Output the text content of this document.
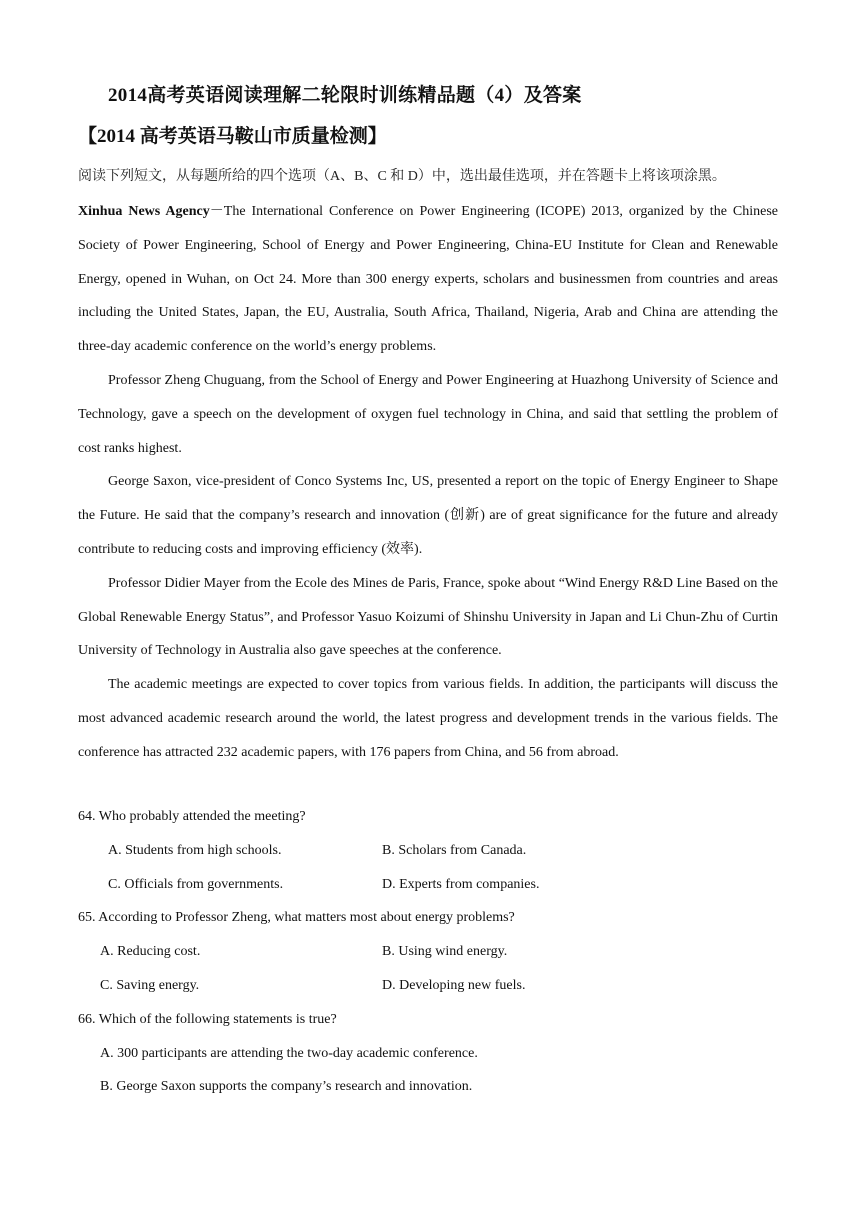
2014高考英语阅读理解二轮限时训练精品题（4）及答案
【2014 高考英语马鞍山市质量检测】
阅读下列短文，从每题所给的四个选项（A、B、C 和 D）中，选出最佳选项，并在答题卡上将该项涂黑。

Xinhua News Agency－The International Conference on Power Engineering (ICOPE) 2013, organized by the Chinese Society of Power Engineering, School of Energy and Power Engineering, China-EU Institute for Clean and Renewable Energy, opened in Wuhan, on Oct 24. More than 300 energy experts, scholars and businessmen from countries and areas including the United States, Japan, the EU, Australia, South Africa, Thailand, Nigeria, Arab and China are attending the three-day academic conference on the world’s energy problems.

Professor Zheng Chuguang, from the School of Energy and Power Engineering at Huazhong University of Science and Technology, gave a speech on the development of oxygen fuel technology in China, and said that settling the problem of cost ranks highest.

George Saxon, vice-president of Conco Systems Inc, US, presented a report on the topic of Energy Engineer to Shape the Future. He said that the company’s research and innovation (创新) are of great significance for the future and already contribute to reducing costs and improving efficiency (效率).

Professor Didier Mayer from the Ecole des Mines de Paris, France, spoke about “Wind Energy R&D Line Based on the Global Renewable Energy Status”, and Professor Yasuo Koizumi of Shinshu University in Japan and Li Chun-Zhu of Curtin University of Technology in Australia also gave speeches at the conference.

The academic meetings are expected to cover topics from various fields. In addition, the participants will discuss the most advanced academic research around the world, the latest progress and development trends in the various fields. The conference has attracted 232 academic papers, with 176 papers from China, and 56 from abroad.

64. Who probably attended the meeting?

A. Students from high schools.	B. Scholars from Canada.
C. Officials from governments.	D. Experts from companies.

65. According to Professor Zheng, what matters most about energy problems?

A. Reducing cost.	B. Using wind energy.
C. Saving energy.	D. Developing new fuels.

66. Which of the following statements is true?

A. 300 participants are attending the two-day academic conference.

B. George Saxon supports the company’s research and innovation.
